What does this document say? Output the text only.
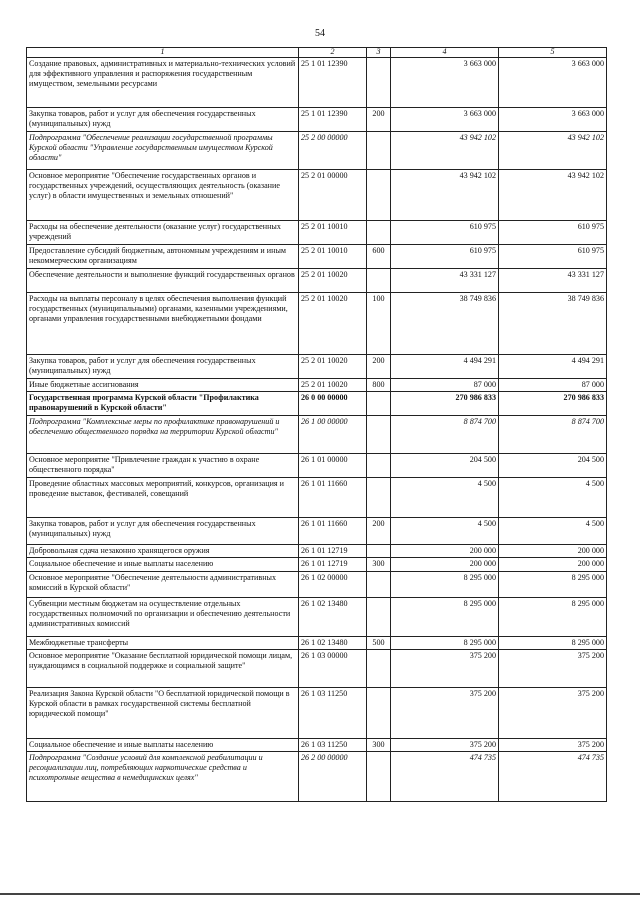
54
1	2	3	4	5
Создание правовых, административных и материально-технических условий для эффективного управления и распоряжения государственным имуществом, земельными ресурсами	25 1 01 12390		3 663 000	3 663 000
Закупка товаров, работ и услуг для обеспечения государственных (муниципальных) нужд	25 1 01 12390	200	3 663 000	3 663 000
Подпрограмма "Обеспечение реализации государственной программы Курской области "Управление государственным имуществом Курской области"	25 2 00 00000		43 942 102	43 942 102
Основное мероприятие "Обеспечение государственных органов и государственных учреждений, осуществляющих деятельность (оказание услуг) в области имущественных и земельных отношений"	25 2 01 00000		43 942 102	43 942 102
Расходы на обеспечение деятельности (оказание услуг) государственных учреждений	25 2 01 10010		610 975	610 975
Предоставление субсидий бюджетным, автономным учреждениям и иным некоммерческим организациям	25 2 01 10010	600	610 975	610 975
Обеспечение деятельности и выполнение функций государственных органов	25 2 01 10020		43 331 127	43 331 127
Расходы на выплаты персоналу в целях обеспечения выполнения функций государственных (муниципальными) органами, казенными учреждениями, органами управления государственными внебюджетными фондами	25 2 01 10020	100	38 749 836	38 749 836
Закупка товаров, работ и услуг для обеспечения государственных (муниципальных) нужд	25 2 01 10020	200	4 494 291	4 494 291
Иные бюджетные ассигнования	25 2 01 10020	800	87 000	87 000
Государственная программа Курской области "Профилактика правонарушений в Курской области"	26 0 00 00000		270 986 833	270 986 833
Подпрограмма "Комплексные меры по профилактике правонарушений и обеспечению общественного порядка на территории Курской области"	26 1 00 00000		8 874 700	8 874 700
Основное мероприятие "Привлечение граждан к участию в охране общественного порядка"	26 1 01 00000		204 500	204 500
Проведение областных массовых мероприятий, конкурсов, организация и проведение выставок, фестивалей, совещаний	26 1 01 11660		4 500	4 500
Закупка товаров, работ и услуг для обеспечения государственных (муниципальных) нужд	26 1 01 11660	200	4 500	4 500
Добровольная сдача незаконно хранящегося оружия	26 1 01 12719		200 000	200 000
Социальное обеспечение и иные выплаты населению	26 1 01 12719	300	200 000	200 000
Основное мероприятие "Обеспечение деятельности административных комиссий в Курской области"	26 1 02 00000		8 295 000	8 295 000
Субвенции местным бюджетам на осуществление отдельных государственных полномочий по организации и обеспечению деятельности административных комиссий	26 1 02 13480		8 295 000	8 295 000
Межбюджетные трансферты	26 1 02 13480	500	8 295 000	8 295 000
Основное мероприятие "Оказание бесплатной юридической помощи лицам, нуждающимся в социальной поддержке и социальной защите"	26 1 03 00000		375 200	375 200
Реализация Закона Курской области "О бесплатной юридической помощи в Курской области в рамках государственной системы бесплатной юридической помощи"	26 1 03 11250		375 200	375 200
Социальное обеспечение и иные выплаты населению	26 1 03 11250	300	375 200	375 200
Подпрограмма "Создание условий для комплексной реабилитации и ресоциализации лиц, потребляющих наркотические средства и психотропные вещества в немедицинских целях"	26 2 00 00000		474 735	474 735
